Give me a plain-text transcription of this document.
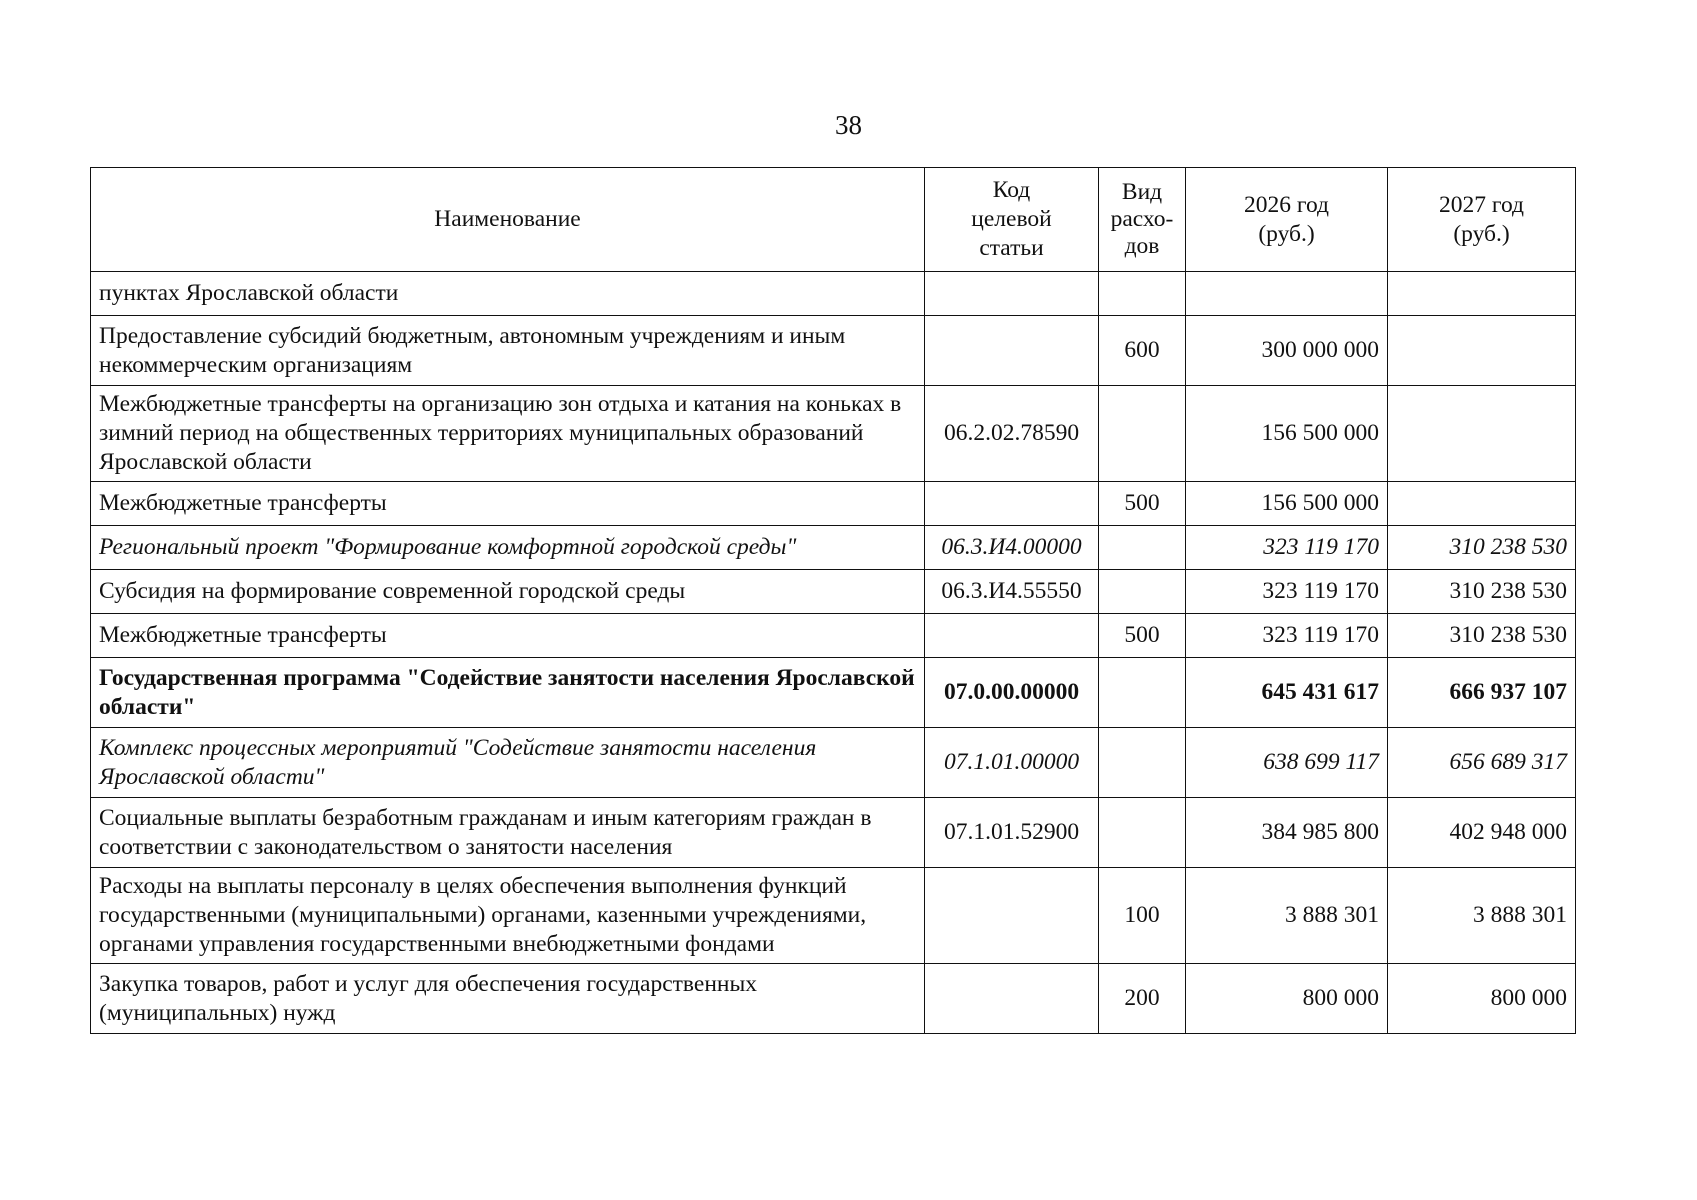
38
Наименование	Код целевой статьи	Вид расхо-дов	2026 год (руб.)	2027 год (руб.)
пунктах Ярославской области				
Предоставление субсидий бюджетным, автономным учреждениям и иным некоммерческим организациям		600	300 000 000	
Межбюджетные трансферты на организацию зон отдыха и катания на коньках в зимний период на общественных территориях муниципальных образований Ярославской области	06.2.02.78590		156 500 000	
Межбюджетные трансферты		500	156 500 000	
Региональный проект "Формирование комфортной городской среды"	06.3.И4.00000		323 119 170	310 238 530
Субсидия на формирование современной городской среды	06.3.И4.55550		323 119 170	310 238 530
Межбюджетные трансферты		500	323 119 170	310 238 530
Государственная программа "Содействие занятости населения Ярославской области"	07.0.00.00000		645 431 617	666 937 107
Комплекс процессных мероприятий "Содействие занятости населения Ярославской области"	07.1.01.00000		638 699 117	656 689 317
Социальные выплаты безработным гражданам и иным категориям граждан в соответствии с законодательством о занятости населения	07.1.01.52900		384 985 800	402 948 000
Расходы на выплаты персоналу в целях обеспечения выполнения функций государственными (муниципальными) органами, казенными учреждениями, органами управления государственными внебюджетными фондами		100	3 888 301	3 888 301
Закупка товаров, работ и услуг для обеспечения государственных (муниципальных) нужд		200	800 000	800 000
